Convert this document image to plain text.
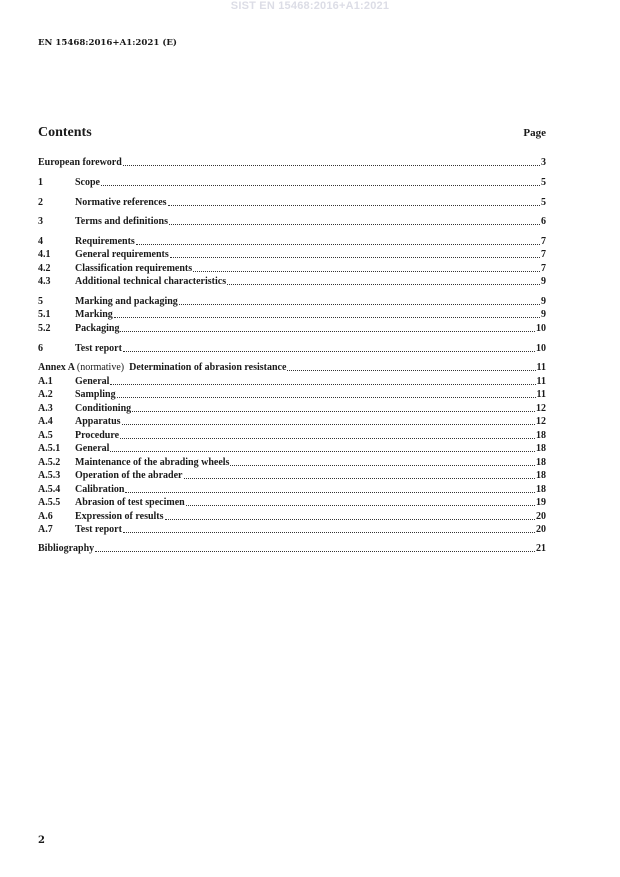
SIST EN 15468:2016+A1:2021
EN 15468:2016+A1:2021 (E)
Contents	Page
European foreword	3
1	Scope	5
2	Normative references	5
3	Terms and definitions	6
4	Requirements	7
4.1	General requirements	7
4.2	Classification requirements	7
4.3	Additional technical characteristics	9
5	Marking and packaging	9
5.1	Marking	9
5.2	Packaging	10
6	Test report	10
Annex A (normative) Determination of abrasion resistance	11
A.1	General	11
A.2	Sampling	11
A.3	Conditioning	12
A.4	Apparatus	12
A.5	Procedure	18
A.5.1	General	18
A.5.2	Maintenance of the abrading wheels	18
A.5.3	Operation of the abrader	18
A.5.4	Calibration	18
A.5.5	Abrasion of test specimen	19
A.6	Expression of results	20
A.7	Test report	20
Bibliography	21
2
